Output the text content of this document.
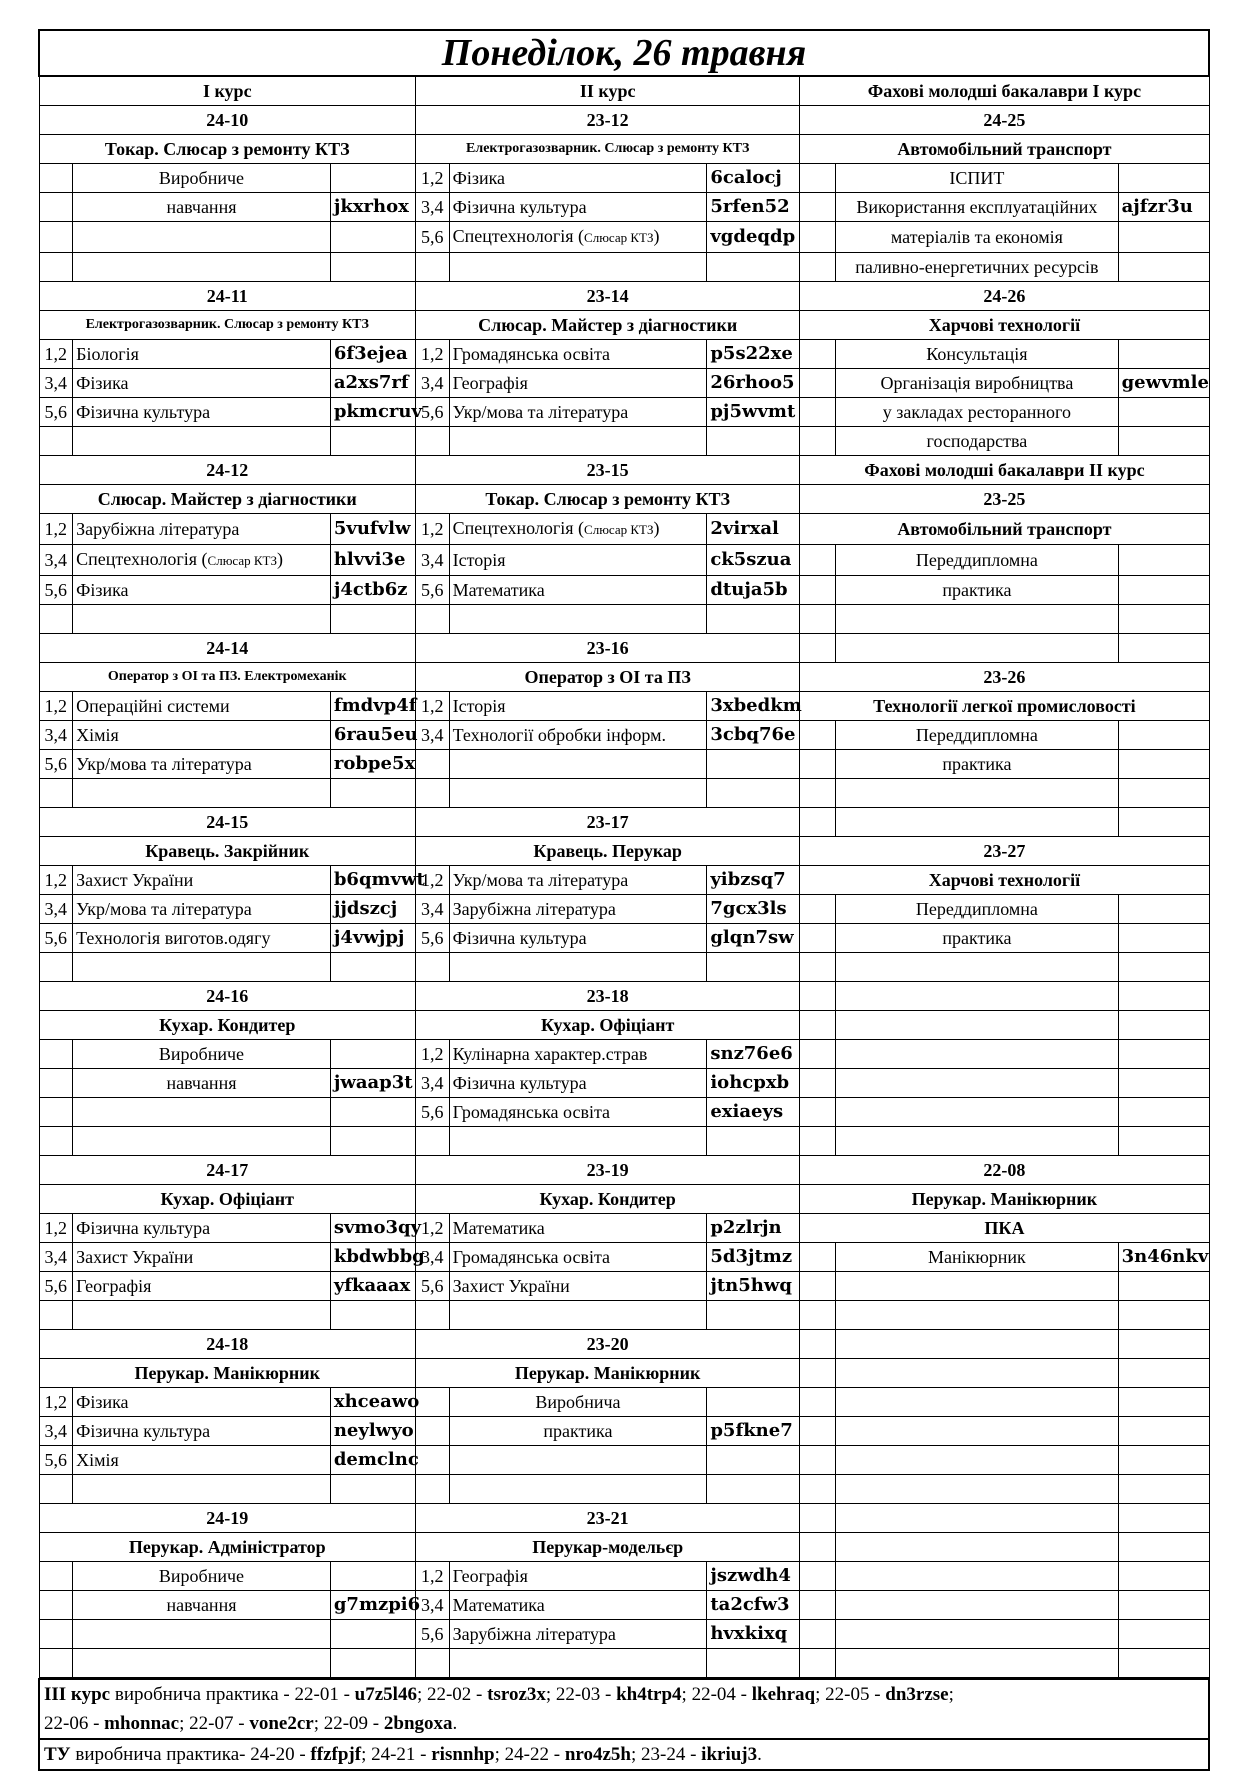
Понеділок, 26 травня								
I курс			II курс			Фахові молодші бакалаври I курс		
24-10			23-12			24-25		
Токар. Слюсар з ремонту КТЗ			Електрогазозварник. Слюсар з ремонту КТЗ			Автомобільний транспорт		
	Виробниче		1,2	Фізика	6calocj		ІСПИТ	
	навчання	jkxrhox	3,4	Фізична культура	5rfen52		Використання експлуатаційних	ajfzr3u
			5,6	Спецтехнологія (Слюсар КТЗ)	vgdeqdp		матеріалів та економія	
							паливно-енергетичних ресурсів	
24-11			23-14			24-26		
Електрогазозварник. Слюсар з ремонту КТЗ			Слюсар. Майстер з діагностики			Харчові технології		
1,2	Біологія	6f3ejea	1,2	Громадянська освіта	p5s22xe		Консультація	
3,4	Фізика	a2xs7rf	3,4	Географія	26rhoo5		Організація виробництва	gewvmle
5,6	Фізична культура	pkmcruv	5,6	Укр/мова та література	pj5wvmt		у закладах ресторанного	
							господарства	
24-12			23-15			Фахові молодші бакалаври II курс		
Слюсар. Майстер з діагностики			Токар. Слюсар з ремонту КТЗ			23-25		
1,2	Зарубіжна література	5vufvlw	1,2	Спецтехнологія (Слюсар КТЗ)	2virxal	Автомобільний транспорт		
3,4	Спецтехнологія (Слюсар КТЗ)	hlvvi3e	3,4	Історія	ck5szua		Переддипломна	
5,6	Фізика	j4ctb6z	5,6	Математика	dtuja5b		практика	

24-14			23-16					
Оператор з ОІ та ПЗ. Електромеханік			Оператор з ОІ та ПЗ			23-26		
1,2	Операційні системи	fmdvp4f	1,2	Історія	3xbedkm	Технології легкої промисловості		
3,4	Хімія	6rau5eu	3,4	Технології обробки інформ.	3cbq76e		Переддипломна	
5,6	Укр/мова та література	robpe5x					практика	

24-15			23-17					
Кравець. Закрійник			Кравець. Перукар			23-27		
1,2	Захист України	b6qmvwt	1,2	Укр/мова та література	yibzsq7	Харчові технології		
3,4	Укр/мова та література	jjdszcj	3,4	Зарубіжна література	7gcx3ls		Переддипломна	
5,6	Технологія виготов.одягу	j4vwjpj	5,6	Фізична культура	glqn7sw		практика	

24-16			23-18					
Кухар. Кондитер			Кухар. Офіціант					
	Виробниче		1,2	Кулінарна характер.страв	snz76e6			
	навчання	jwaap3t	3,4	Фізична культура	iohcpxb			
			5,6	Громадянська освіта	exiaeys			

24-17			23-19			22-08		
Кухар. Офіціант			Кухар. Кондитер			Перукар. Манікюрник		
1,2	Фізична культура	svmo3qy	1,2	Математика	p2zlrjn	ПКА		
3,4	Захист України	kbdwbbg	3,4	Громадянська освіта	5d3jtmz		Манікюрник	3n46nkv
5,6	Географія	yfkaaax	5,6	Захист України	jtn5hwq			

24-18			23-20					
Перукар. Манікюрник			Перукар. Манікюрник					
1,2	Фізика	xhceawo		Виробнича				
3,4	Фізична культура	neylwyo		практика	p5fkne7			
5,6	Хімія	demclnc						

24-19			23-21					
Перукар. Адміністратор			Перукар-модельєр					
	Виробниче		1,2	Географія	jszwdh4			
	навчання	g7mzpi6	3,4	Математика	ta2cfw3			
			5,6	Зарубіжна література	hvxkixq			

ІІІ курс виробнича практика - 22-01 - u7z5l46; 22-02 - tsroz3x; 22-03 - kh4trp4; 22-04 - lkehraq; 22-05 - dn3rzse;
22-06 - mhonnac; 22-07 - vone2cr; 22-09 - 2bngoxa.
ТУ виробнича практика- 24-20 - ffzfpjf; 24-21 - risnnhp; 24-22 - nro4z5h; 23-24 - ikriuj3.
